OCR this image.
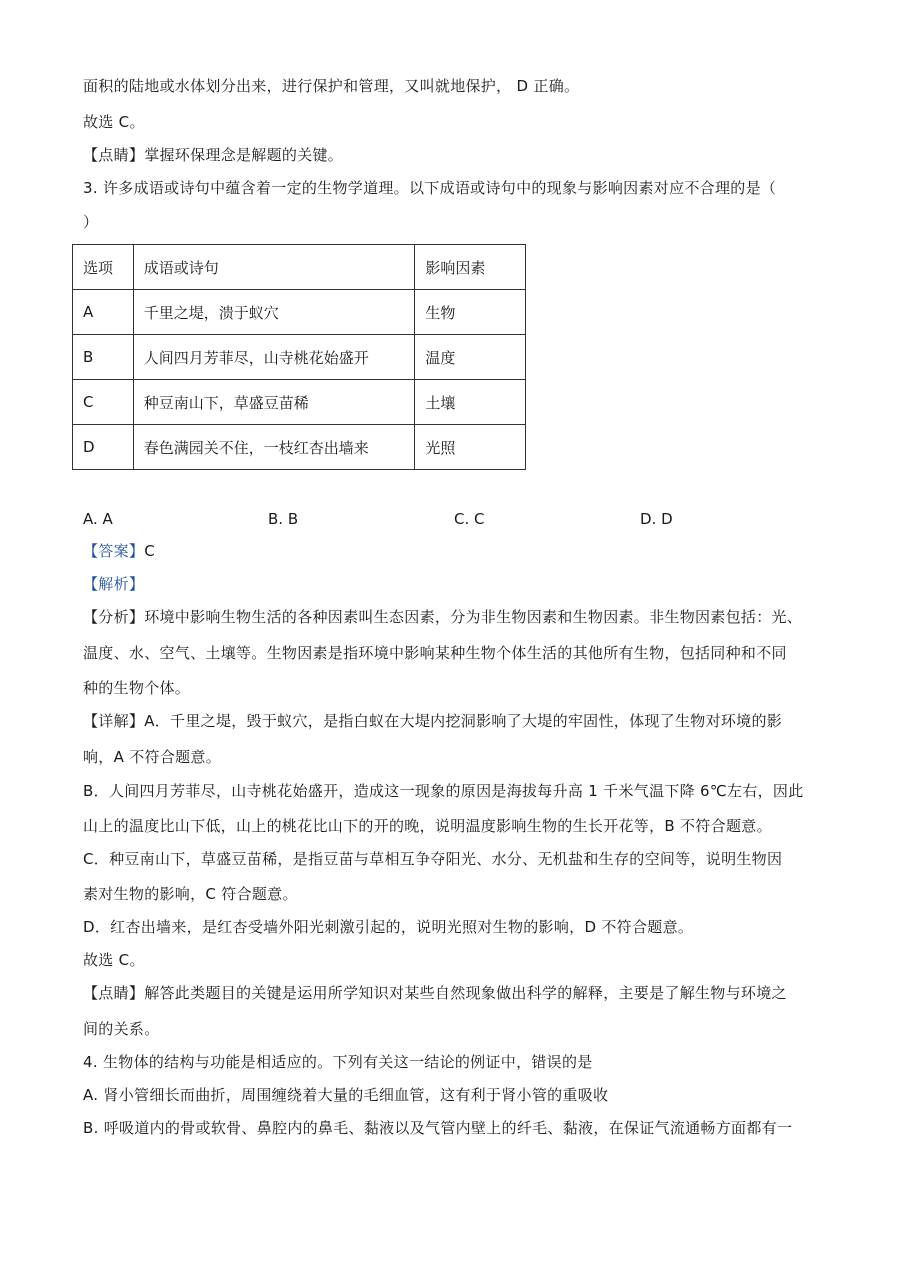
面积的陆地或水体划分出来，进行保护和管理，又叫就地保护， D 正确。
故选 C。
【点睛】掌握环保理念是解题的关键。
3. 许多成语或诗句中蕴含着一定的生物学道理。以下成语或诗句中的现象与影响因素对应不合理的是（
）
选项	成语或诗句	影响因素
A	千里之堤，溃于蚁穴	生物
B	人间四月芳菲尽，山寺桃花始盛开	温度
C	种豆南山下，草盛豆苗稀	土壤
D	春色满园关不住，一枝红杏出墙来	光照
A. A	B. B	C. C	D. D
【答案】C
【解析】
【分析】环境中影响生物生活的各种因素叫生态因素，分为非生物因素和生物因素。非生物因素包括：光、
温度、水、空气、土壤等。生物因素是指环境中影响某种生物个体生活的其他所有生物，包括同种和不同
种的生物个体。
【详解】A．千里之堤，毁于蚁穴，是指白蚁在大堤内挖洞影响了大堤的牢固性，体现了生物对环境的影
响，A 不符合题意。
B．人间四月芳菲尽，山寺桃花始盛开，造成这一现象的原因是海拔每升高 1 千米气温下降 6℃左右，因此
山上的温度比山下低，山上的桃花比山下的开的晚，说明温度影响生物的生长开花等，B 不符合题意。
C．种豆南山下，草盛豆苗稀，是指豆苗与草相互争夺阳光、水分、无机盐和生存的空间等，说明生物因
素对生物的影响，C 符合题意。
D．红杏出墙来，是红杏受墙外阳光刺激引起的，说明光照对生物的影响，D 不符合题意。
故选 C。
【点睛】解答此类题目的关键是运用所学知识对某些自然现象做出科学的解释，主要是了解生物与环境之
间的关系。
4. 生物体的结构与功能是相适应的。下列有关这一结论的例证中，错误的是
A. 肾小管细长而曲折，周围缠绕着大量的毛细血管，这有利于肾小管的重吸收
B. 呼吸道内的骨或软骨、鼻腔内的鼻毛、黏液以及气管内壁上的纤毛、黏液，在保证气流通畅方面都有一
